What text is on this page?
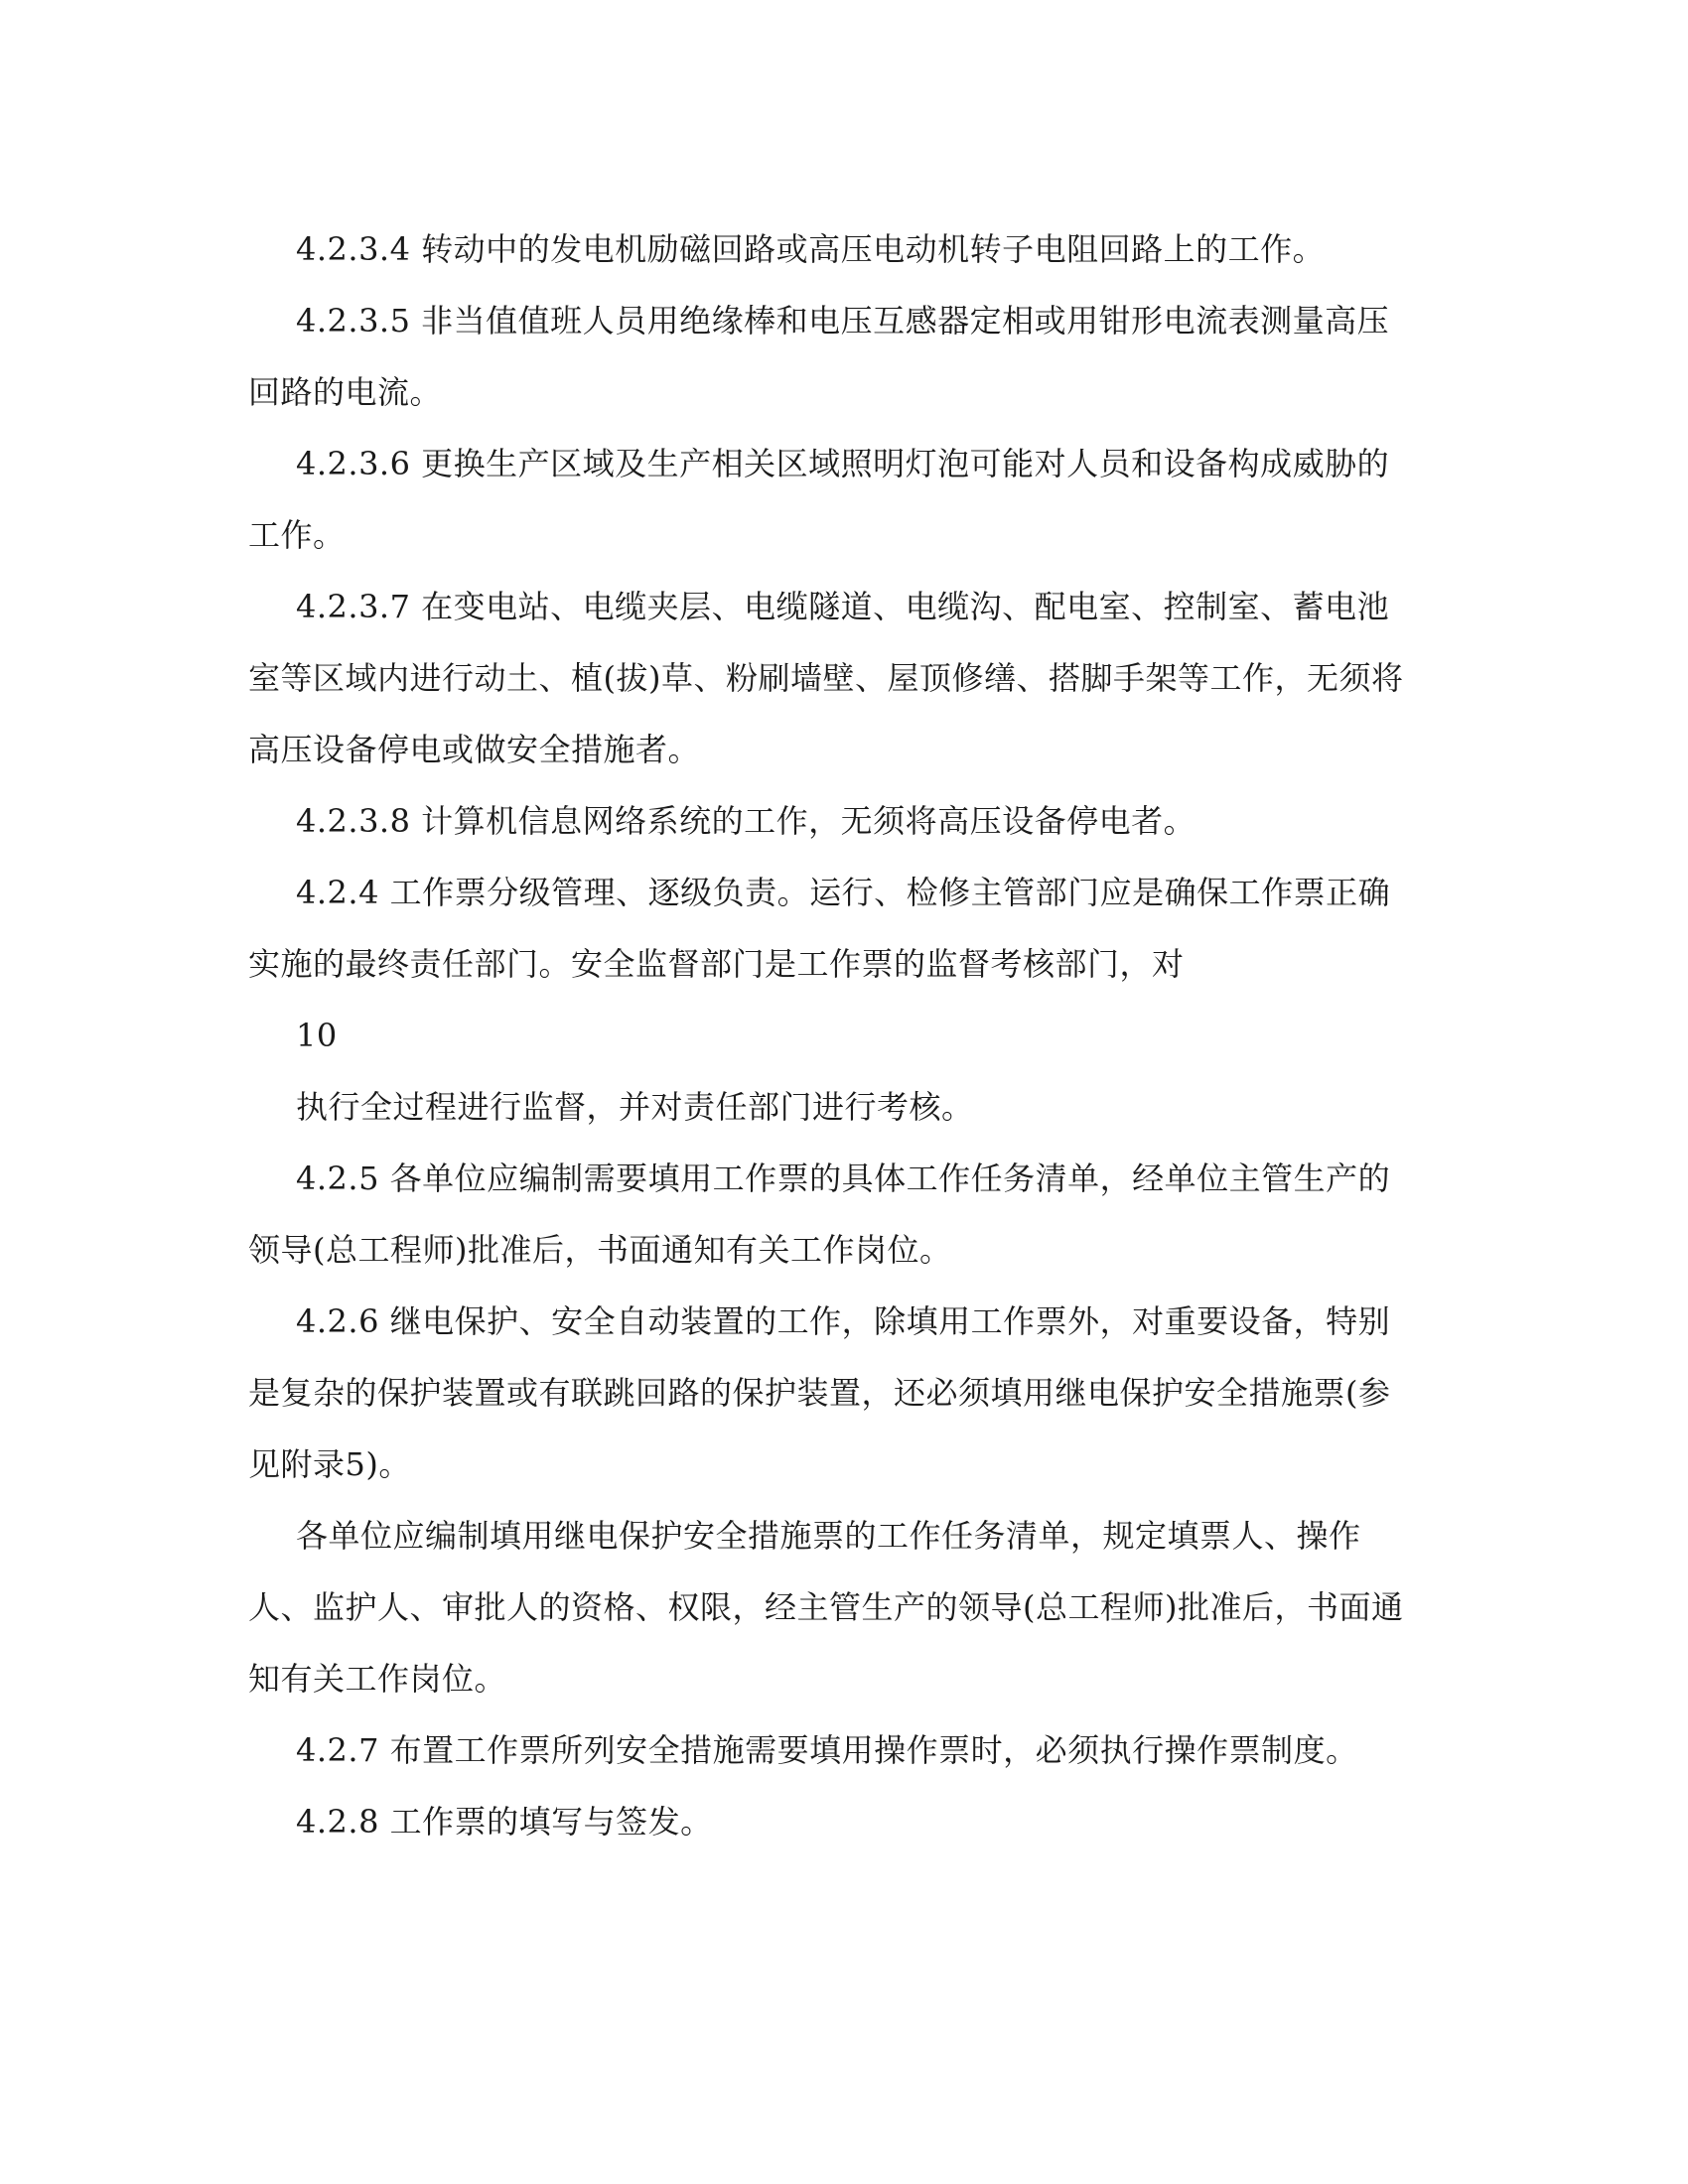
4.2.3.4 转动中的发电机励磁回路或高压电动机转子电阻回路上的工作。

4.2.3.5 非当值值班人员用绝缘棒和电压互感器定相或用钳形电流表测量高压

回路的电流。

4.2.3.6 更换生产区域及生产相关区域照明灯泡可能对人员和设备构成威胁的

工作。

4.2.3.7 在变电站、电缆夹层、电缆隧道、电缆沟、配电室、控制室、蓄电池

室等区域内进行动土、植(拔)草、粉刷墙壁、屋顶修缮、搭脚手架等工作，无须将

高压设备停电或做安全措施者。

4.2.3.8 计算机信息网络系统的工作，无须将高压设备停电者。

4.2.4 工作票分级管理、逐级负责。运行、检修主管部门应是确保工作票正确

实施的最终责任部门。安全监督部门是工作票的监督考核部门，对

10

执行全过程进行监督，并对责任部门进行考核。

4.2.5 各单位应编制需要填用工作票的具体工作任务清单，经单位主管生产的

领导(总工程师)批准后，书面通知有关工作岗位。

4.2.6 继电保护、安全自动装置的工作，除填用工作票外，对重要设备，特别

是复杂的保护装置或有联跳回路的保护装置，还必须填用继电保护安全措施票(参

见附录5)。

各单位应编制填用继电保护安全措施票的工作任务清单，规定填票人、操作

人、监护人、审批人的资格、权限，经主管生产的领导(总工程师)批准后，书面通

知有关工作岗位。

4.2.7 布置工作票所列安全措施需要填用操作票时，必须执行操作票制度。

4.2.8 工作票的填写与签发。
